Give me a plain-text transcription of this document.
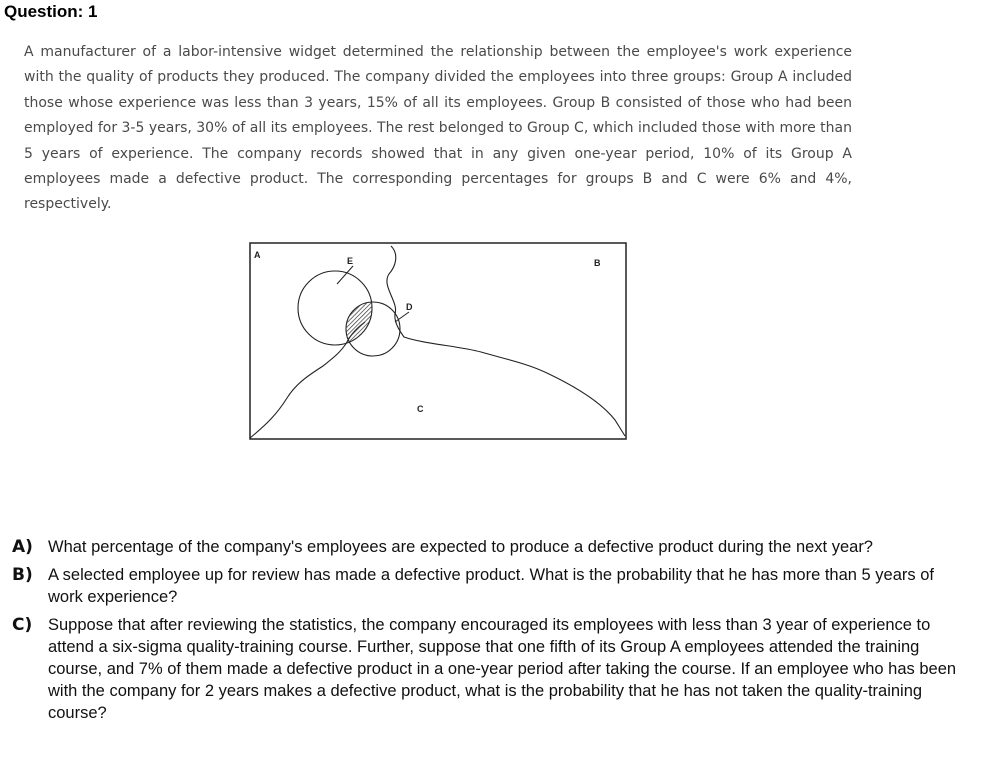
Question: 1

A manufacturer of a labor-intensive widget determined the relationship between the employee's work experience with the quality of products they produced. The company divided the employees into three groups: Group A included those whose experience was less than 3 years, 15% of all its employees. Group B consisted of those who had been employed for 3-5 years, 30% of all its employees. The rest belonged to Group C, which included those with more than 5 years of experience. The company records showed that in any given one-year period, 10% of its Group A employees made a defective product. The corresponding percentages for groups B and C were 6% and 4%, respectively.

A
E	B
D
C
A) What percentage of the company's employees are expected to produce a defective product during the next year?
B) A selected employee up for review has made a defective product. What is the probability that he has more than 5 years of work experience?
C) Suppose that after reviewing the statistics, the company encouraged its employees with less than 3 year of experience to attend a six-sigma quality-training course. Further, suppose that one fifth of its Group A employees attended the training course, and 7% of them made a defective product in a one-year period after taking the course. If an employee who has been with the company for 2 years makes a defective product, what is the probability that he has not taken the quality-training course?
